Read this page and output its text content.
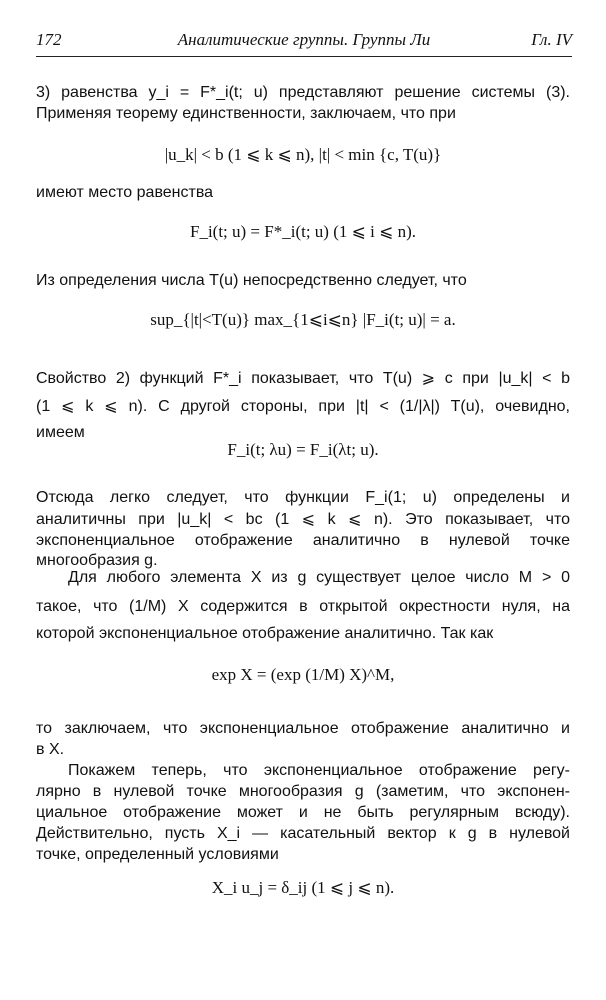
172	Аналитические группы. Группы Ли	Гл. IV
3) равенства y_i = F*_i(t; u) представляют решение системы (3).
Применяя теорему единственности, заключаем, что при
|u_k| < b (1 ⩽ k ⩽ n), |t| < min {c, T(u)}
имеют место равенства
F_i(t; u) = F*_i(t; u) (1 ⩽ i ⩽ n).
Из определения числа T(u) непосредственно следует, что
sup_{|t|<T(u)} max_{1⩽i⩽n} |F_i(t; u)| = a.
Свойство 2) функций F*_i показывает, что T(u) ⩾ c при |u_k| < b
(1 ⩽ k ⩽ n). С другой стороны, при |t| < (1/|λ|) T(u), очевидно,
имеем
F_i(t; λu) = F_i(λt; u).
Отсюда легко следует, что функции F_i(1; u) определены и
аналитичны при |u_k| < bc (1 ⩽ k ⩽ n). Это показывает, что
экспоненциальное отображение аналитично в нулевой точке
многообразия g.
Для любого элемента X из g существует целое число M > 0
такое, что (1/M) X содержится в открытой окрестности нуля, на
которой экспоненциальное отображение аналитично. Так как
exp X = (exp (1/M) X)^M,
то заключаем, что экспоненциальное отображение аналитично и
в X.
Покажем теперь, что экспоненциальное отображение регу-
лярно в нулевой точке многообразия g (заметим, что экспонен-
циальное отображение может и не быть регулярным всюду).
Действительно, пусть X_i — касательный вектор к g в нулевой
точке, определенный условиями
X_i u_j = δ_ij (1 ⩽ j ⩽ n).
